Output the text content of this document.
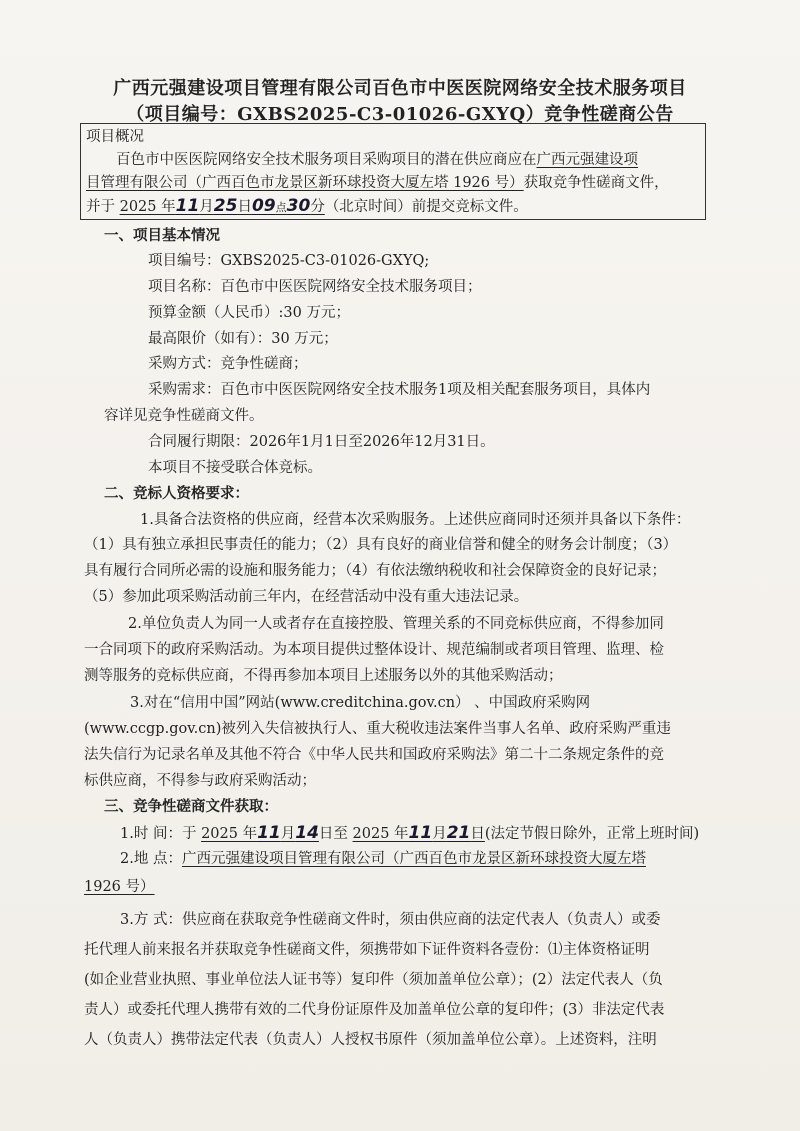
广西元强建设项目管理有限公司百色市中医医院网络安全技术服务项目
（项目编号：GXBS2025-C3-01026-GXYQ）竞争性磋商公告
项目概况
百色市中医医院网络安全技术服务项目采购项目的潜在供应商应在广西元强建设项
目管理有限公司（广西百色市龙景区新环球投资大厦左塔 1926 号）获取竞争性磋商文件，
并于 2025 年11月25日09点30分（北京时间）前提交竞标文件。
一、项目基本情况
项目编号：GXBS2025-C3-01026-GXYQ;
项目名称：百色市中医医院网络安全技术服务项目；
预算金额（人民币）:30 万元；
最高限价（如有）：30 万元；
采购方式：竞争性磋商；
采购需求：百色市中医医院网络安全技术服务1项及相关配套服务项目，具体内
容详见竞争性磋商文件。
合同履行期限：2026年1月1日至2026年12月31日。
本项目不接受联合体竞标。
二、竞标人资格要求：
1.具备合法资格的供应商，经营本次采购服务。上述供应商同时还须并具备以下条件：
（1）具有独立承担民事责任的能力；（2）具有良好的商业信誉和健全的财务会计制度；（3）
具有履行合同所必需的设施和服务能力；（4）有依法缴纳税收和社会保障资金的良好记录；
（5）参加此项采购活动前三年内，在经营活动中没有重大违法记录。
2.单位负责人为同一人或者存在直接控股、管理关系的不同竞标供应商，不得参加同
一合同项下的政府采购活动。为本项目提供过整体设计、规范编制或者项目管理、监理、检
测等服务的竞标供应商，不得再参加本项目上述服务以外的其他采购活动；
3.对在“信用中国”网站(www.creditchina.gov.cn） 、中国政府采购网
(www.ccgp.gov.cn)被列入失信被执行人、重大税收违法案件当事人名单、政府采购严重违
法失信行为记录名单及其他不符合《中华人民共和国政府采购法》第二十二条规定条件的竞
标供应商，不得参与政府采购活动；
三、竞争性磋商文件获取：
1.时 间：于 2025 年11月14日至 2025 年11月21日(法定节假日除外，正常上班时间)
2.地 点：广西元强建设项目管理有限公司（广西百色市龙景区新环球投资大厦左塔
1926 号）
3.方 式：供应商在获取竞争性磋商文件时，须由供应商的法定代表人（负责人）或委
托代理人前来报名并获取竞争性磋商文件，须携带如下证件资料各壹份：⑴主体资格证明
(如企业营业执照、事业单位法人证书等）复印件（须加盖单位公章）；(2）法定代表人（负
责人）或委托代理人携带有效的二代身份证原件及加盖单位公章的复印件；(3）非法定代表
人（负责人）携带法定代表（负责人）人授权书原件（须加盖单位公章）。上述资料，注明
